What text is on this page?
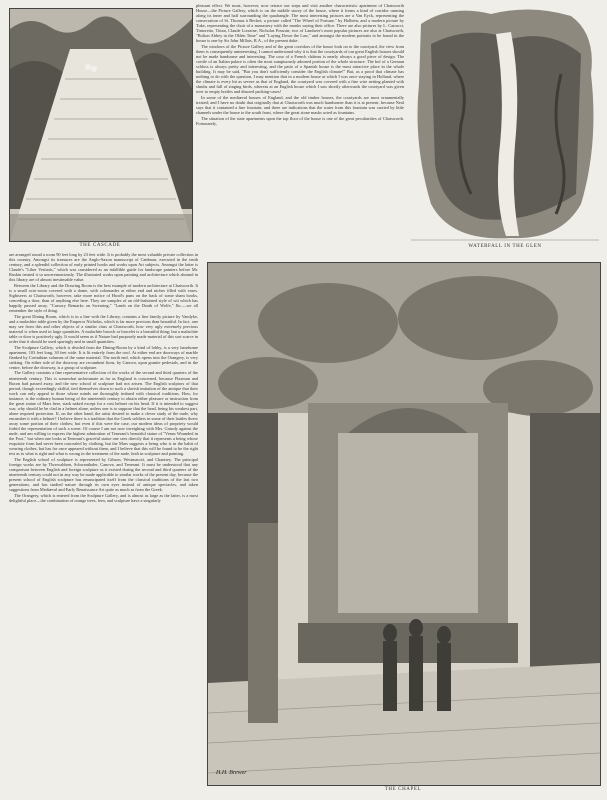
THE CASCADE

pleasant effect. We must, however, now retrace our steps and visit another characteristic apartment of Chatsworth House—the Picture Gallery, which is on the middle storey of the house, where it forms a kind of corridor running along its inner and half surrounding the quadrangle. The most interesting pictures are a Van Eyck, representing the consecration of St. Thomas à Becket; a picture called "The Wheel of Fortune," by Holbein; and a modern picture by Tuke, representing the choir of a monastery with the monks saying their office. There are also pictures by L. Carracci, Tintoretto, Titian, Claude Lorraine, Nicholas Poussin; two of Landseer's most popular pictures are also at Chatsworth, "Bolton Abbey in the Olden Time" and "Laying Down the Law," and amongst the modern portraits to be found in the house is one by Sir John Millais, R.A., of the present duke.

The windows of the Picture Gallery and of the great corridors of the house look on to the courtyard, the view from them is consequently uninteresting. I cannot understand why it is that the courtyards of our great English houses should not be made handsome and interesting. The cour of a French château is nearly always a good piece of design. The cortile of an Italian palace is often the most sumptuously adorned portion of the whole structure. The hof of a German schloss is always pretty and interesting, and the patio of a Spanish house is the most attractive place in the whole building. It may be said, "But you don't sufficiently consider the English climate!" But, as a proof that climate has nothing to do with the question, I may mention that in a modern house at which I was once staying in Holland, where the climate is every bit as severe as that of England, the courtyard was covered with a fine wire netting planted with shrubs and full of singing birds, whereas at an English house which I saw shortly afterwards the courtyard was given over to empty bottles and disused packing-cases!

In some of the mediæval houses of England, and the old timber houses, the courtyards are most ornamentally treated; and I have no doubt that originally that at Chatsworth was much handsomer than it is at present, because Neal says that it contained a fine fountain; and there are indications that the water from this fountain was carried by little channels under the house to the south front, where the great stone masks acted as fountains.

The situation of the state apartments upon the top floor of the house is one of the great peculiarities of Chatsworth. Fortunately,

WATERFALL IN THE GLEN

are arranged round a room 90 feet long by 23 feet wide. It is probably the most valuable private collection in this country. Amongst its treasures are the Anglo-Saxon manuscript of Cædmon, executed in the tenth century, and a splendid collection of early printed books and works upon Art subjects. Amongst the latter is Claude's "Liber Veritatis," which was considered as an infallible guide for landscape painters before Mr. Ruskin treated it so unceremoniously. The illustrated works upon painting and architecture which abound in this library are of almost inestimable value.

Between the Library and the Drawing Room is the best example of modern architecture at Chatsworth. It is a small octo-room covered with a dome, with colonnades at either end and niches filled with vases. Sightseers at Chatsworth, however, take more notice of Hood's puns on the back of some sham books, conceding a door, than of anything else here. They are samples of an old-fashioned style of wit which has happily passed away. "Cursory Remarks on Swearing," "Lamb on the Death of Wolfe," &c.—we all remember the style of thing.

The great Dining Room, which is in a line with the Library, contains a fine family picture by Vandyke, and a malachite table given by the Emperor Nicholas, which is far more precious than beautiful. In fact, one may see from this and other objects of a similar class at Chatsworth, how very ugly extremely precious material is when used in large quantities. A malachite brooch or bracelet is a beautiful thing; but a malachite table or door is positively ugly. It would seem as if Nature had purposely made material of this sort scarce in order that it should be used sparingly and in small quantities.

The Sculpture Gallery, which is divided from the Dining-Room by a kind of lobby, is a very handsome apartment, 103 feet long, 30 feet wide. It is lit entirely from the roof. At either end are doorways of marble flanked by Corinthian columns of the same material. The north end, which opens into the Orangery, is very striking. On either side of the doorway are recumbent lions, by Canova, upon granite pedestals, and in the centre, before the doorway, is a group of sculpture.

The Gallery contains a fine representative collection of the works of the second and third quarters of the nineteenth century. This is somewhat unfortunate as far as England is concerned, because Flaxman and Bacon had passed away, and the new school of sculpture had not arisen. The English sculptors of that period, though exceedingly skilful, tied themselves down to such a slavish imitation of the antique that their work can only appeal to those whose minds are thoroughly imbued with classical traditions. How, for instance, is the ordinary human being of the nineteenth century to obtain either pleasure or instruction from the great statue of Mars here, stark naked except for a vast helmet on his head. If it is intended to suggest war, why should he be clad in a helmet alone, unless one is to suppose that the head, being his weakest part, alone required protection. If, on the other hand, the artist desired to make a clever study of the nude, why encumber it with a helmet? I believe there is a tradition that the Greek soldiers in some of their battles threw away some portion of their clothes; but even if this were the case, our modern ideas of propriety would forbid the representation of such a scene. Of course I am not now inveighing with Mrs. Grundy against the nude, and am willing to express the highest admiration of Tenerani's beautiful statue of "Venus Wounded in the Foot," but when one looks at Tenerani's graceful statue one sees directly that it represents a being whose exquisite form had never been concealed by clothing, but the Mars suggests a being who is in the habit of wearing clothes, but has for once appeared without them, and I believe that this will be found to be the right test as to what is right and what is wrong in the treatment of the nude, both in sculpture and painting.

The English school of sculpture is represented by Gibson, Westmacott, and Chantrey. The principal foreign works are by Thorwaldsen, Schwanthaler, Canova, and Tenerani. It must be understood that any comparison between English and foreign sculpture as it existed during the second and third quarters of the nineteenth century could not in any way be made applicable to similar works of the present day, because the present school of English sculpture has emancipated itself from the classical traditions of the last two generations, and has studied nature through its own eyes instead of antique spectacles, and taken suggestions from Mediæval and Early Renaissance Art quite as much as from the Greek.

The Orangery, which is entered from the Sculpture Gallery, and is almost as large as the latter, is a most delightful place—the combination of orange trees, fern, and sculpture have a singularly

H.H. Brewer
THE CHAPEL
